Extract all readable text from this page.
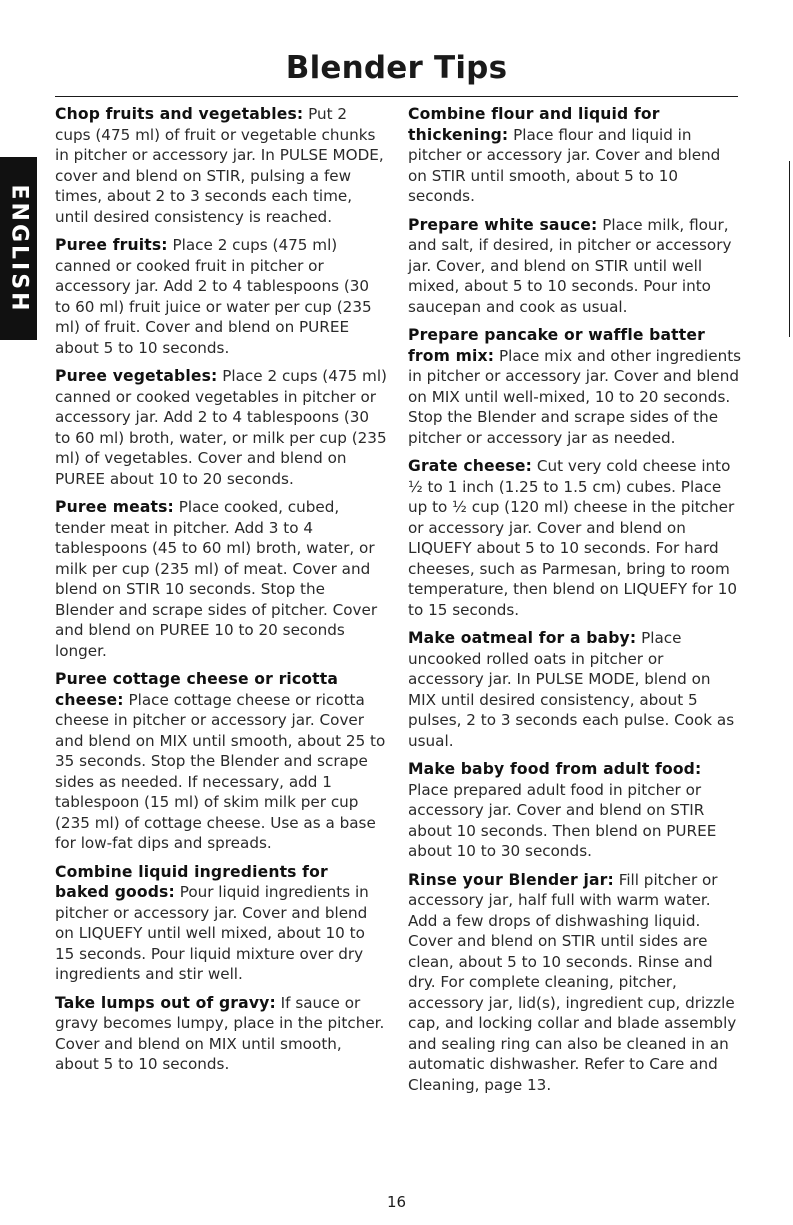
Blender Tips
ENGLISH

Chop fruits and vegetables: Put 2 cups (475 ml) of fruit or vegetable chunks in pitcher or accessory jar. In PULSE MODE, cover and blend on STIR, pulsing a few times, about 2 to 3 seconds each time, until desired consistency is reached.

Puree fruits: Place 2 cups (475 ml) canned or cooked fruit in pitcher or accessory jar. Add 2 to 4 tablespoons (30 to 60 ml) fruit juice or water per cup (235 ml) of fruit. Cover and blend on PUREE about 5 to 10 seconds.

Puree vegetables: Place 2 cups (475 ml) canned or cooked vegetables in pitcher or accessory jar. Add 2 to 4 tablespoons (30 to 60 ml) broth, water, or milk per cup (235 ml) of vegetables. Cover and blend on PUREE about 10 to 20 seconds.

Puree meats: Place cooked, cubed, tender meat in pitcher. Add 3 to 4 tablespoons (45 to 60 ml) broth, water, or milk per cup (235 ml) of meat. Cover and blend on STIR 10 seconds. Stop the Blender and scrape sides of pitcher. Cover and blend on PUREE 10 to 20 seconds longer.

Puree cottage cheese or ricotta cheese: Place cottage cheese or ricotta cheese in pitcher or accessory jar. Cover and blend on MIX until smooth, about 25 to 35 seconds. Stop the Blender and scrape sides as needed. If necessary, add 1 tablespoon (15 ml) of skim milk per cup (235 ml) of cottage cheese. Use as a base for low-fat dips and spreads.

Combine liquid ingredients for baked goods: Pour liquid ingredients in pitcher or accessory jar. Cover and blend on LIQUEFY until well mixed, about 10 to 15 seconds. Pour liquid mixture over dry ingredients and stir well.

Take lumps out of gravy: If sauce or gravy becomes lumpy, place in the pitcher. Cover and blend on MIX until smooth, about 5 to 10 seconds.

Combine flour and liquid for thickening: Place flour and liquid in pitcher or accessory jar. Cover and blend on STIR until smooth, about 5 to 10 seconds.

Prepare white sauce: Place milk, flour, and salt, if desired, in pitcher or accessory jar. Cover, and blend on STIR until well mixed, about 5 to 10 seconds. Pour into saucepan and cook as usual.

Prepare pancake or waffle batter from mix: Place mix and other ingredients in pitcher or accessory jar. Cover and blend on MIX until well-mixed, 10 to 20 seconds. Stop the Blender and scrape sides of the pitcher or accessory jar as needed.

Grate cheese: Cut very cold cheese into ½ to 1 inch (1.25 to 1.5 cm) cubes. Place up to ½ cup (120 ml) cheese in the pitcher or accessory jar. Cover and blend on LIQUEFY about 5 to 10 seconds. For hard cheeses, such as Parmesan, bring to room temperature, then blend on LIQUEFY for 10 to 15 seconds.

Make oatmeal for a baby: Place uncooked rolled oats in pitcher or accessory jar. In PULSE MODE, blend on MIX until desired consistency, about 5 pulses, 2 to 3 seconds each pulse. Cook as usual.

Make baby food from adult food: Place prepared adult food in pitcher or accessory jar. Cover and blend on STIR about 10 seconds. Then blend on PUREE about 10 to 30 seconds.

Rinse your Blender jar: Fill pitcher or accessory jar, half full with warm water. Add a few drops of dishwashing liquid. Cover and blend on STIR until sides are clean, about 5 to 10 seconds. Rinse and dry. For complete cleaning, pitcher, accessory jar, lid(s), ingredient cup, drizzle cap, and locking collar and blade assembly and sealing ring can also be cleaned in an automatic dishwasher. Refer to Care and Cleaning, page 13.

16
